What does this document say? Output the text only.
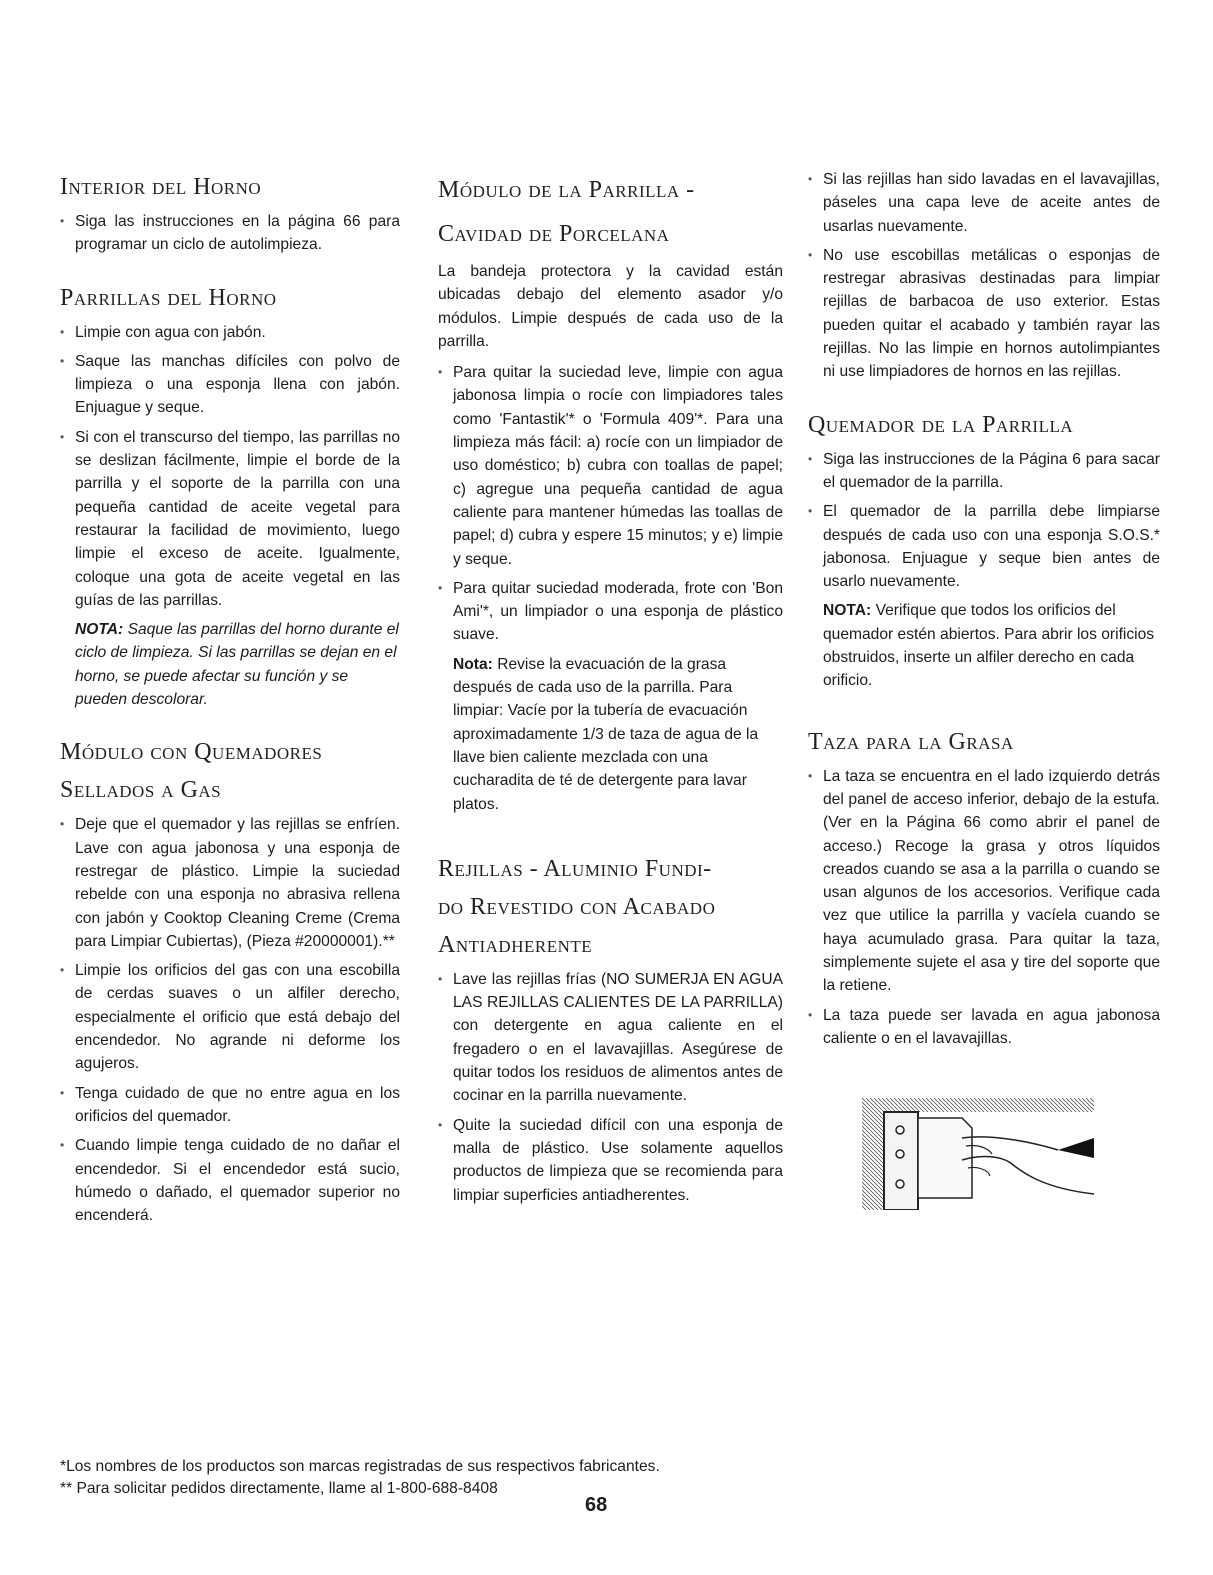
Interior del Horno
• Siga las instrucciones en la página 66 para programar un ciclo de autolimpieza.
Parrillas del Horno
• Limpie con agua con jabón.
• Saque las manchas difíciles con polvo de limpieza o una esponja llena con jabón. Enjuague y seque.
• Si con el transcurso del tiempo, las parrillas no se deslizan fácilmente, limpie el borde de la parrilla y el soporte de la parrilla con una pequeña cantidad de aceite vegetal para restaurar la facilidad de movimiento, luego limpie el exceso de aceite. Igualmente, coloque una gota de aceite vegetal en las guías de las parrillas.

NOTA: Saque las parrillas del horno durante el ciclo de limpieza. Si las parrillas se dejan en el horno, se puede afectar su función y se pueden descolorar.

Módulo con Quemadores
Sellados a Gas
• Deje que el quemador y las rejillas se enfríen. Lave con agua jabonosa y una esponja de restregar de plástico. Limpie la suciedad rebelde con una esponja no abrasiva rellena con jabón y Cooktop Cleaning Creme (Crema para Limpiar Cubiertas), (Pieza #20000001).**
• Limpie los orificios del gas con una escobilla de cerdas suaves o un alfiler derecho, especialmente el orificio que está debajo del encendedor. No agrande ni deforme los agujeros.
• Tenga cuidado de que no entre agua en los orificios del quemador.
• Cuando limpie tenga cuidado de no dañar el encendedor. Si el encendedor está sucio, húmedo o dañado, el quemador superior no encenderá.
Módulo de la Parrilla -
Cavidad de Porcelana

La bandeja protectora y la cavidad están ubicadas debajo del elemento asador y/o módulos. Limpie después de cada uso de la parrilla.

• Para quitar la suciedad leve, limpie con agua jabonosa limpia o rocíe con limpiadores tales como 'Fantastik'* o 'Formula 409'*. Para una limpieza más fácil: a) rocíe con un limpiador de uso doméstico; b) cubra con toallas de papel; c) agregue una pequeña cantidad de agua caliente para mantener húmedas las toallas de papel; d) cubra y espere 15 minutos; y e) limpie y seque.
• Para quitar suciedad moderada, frote con 'Bon Ami'*, un limpiador o una esponja de plástico suave.

Nota: Revise la evacuación de la grasa después de cada uso de la parrilla. Para limpiar: Vacíe por la tubería de evacuación aproximadamente 1/3 de taza de agua de la llave bien caliente mezclada con una cucharadita de té de detergente para lavar platos.

Rejillas - Aluminio Fundi-
do Revestido con Acabado
Antiadherente
• Lave las rejillas frías (NO SUMERJA EN AGUA LAS REJILLAS CALIENTES DE LA PARRILLA) con detergente en agua caliente en el fregadero o en el lavavajillas. Asegúrese de quitar todos los residuos de alimentos antes de cocinar en la parrilla nuevamente.
• Quite la suciedad difícil con una esponja de malla de plástico. Use solamente aquellos productos de limpieza que se recomienda para limpiar superficies antiadherentes.
• Si las rejillas han sido lavadas en el lavavajillas, páseles una capa leve de aceite antes de usarlas nuevamente.
• No use escobillas metálicas o esponjas de restregar abrasivas destinadas para limpiar rejillas de barbacoa de uso exterior. Estas pueden quitar el acabado y también rayar las rejillas. No las limpie en hornos autolimpiantes ni use limpiadores de hornos en las rejillas.
Quemador de la Parrilla
• Siga las instrucciones de la Página 6 para sacar el quemador de la parrilla.
• El quemador de la parrilla debe limpiarse después de cada uso con una esponja S.O.S.* jabonosa. Enjuague y seque bien antes de usarlo nuevamente.

NOTA: Verifique que todos los orificios del quemador estén abiertos. Para abrir los orificios obstruidos, inserte un alfiler derecho en cada orificio.

Taza para la Grasa
• La taza se encuentra en el lado izquierdo detrás del panel de acceso inferior, debajo de la estufa. (Ver en la Página 66 como abrir el panel de acceso.) Recoge la grasa y otros líquidos creados cuando se asa a la parrilla o cuando se usan algunos de los accesorios. Verifique cada vez que utilice la parrilla y vacíela cuando se haya acumulado grasa. Para quitar la taza, simplemente sujete el asa y tire del soporte que la retiene.
• La taza puede ser lavada en agua jabonosa caliente o en el lavavajillas.
*Los nombres de los productos son marcas registradas de sus respectivos fabricantes.
** Para solicitar pedidos directamente, llame al 1-800-688-8408
68
